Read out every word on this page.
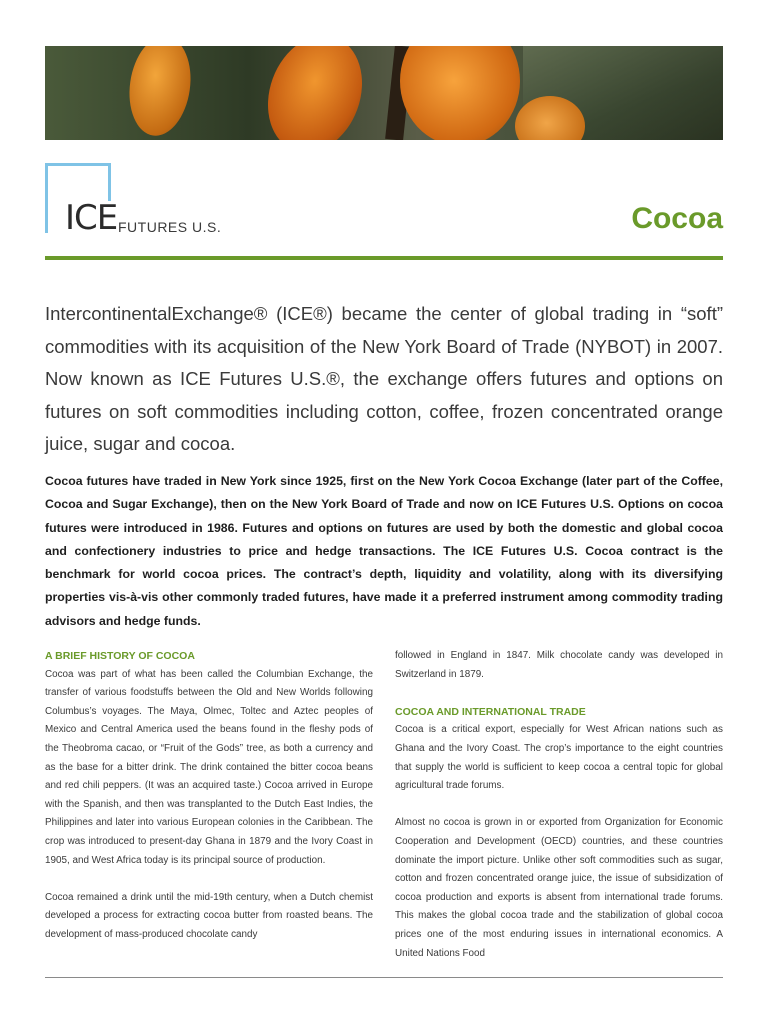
ICE FUTURES U.S.	Cocoa

IntercontinentalExchange® (ICE®) became the center of global trading in “soft” commodities with its acquisition of the New York Board of Trade (NYBOT) in 2007. Now known as ICE Futures U.S.®, the exchange offers futures and options on futures on soft commodities including cotton, coffee, frozen concentrated orange juice, sugar and cocoa.

Cocoa futures have traded in New York since 1925, first on the New York Cocoa Exchange (later part of the Coffee, Cocoa and Sugar Exchange), then on the New York Board of Trade and now on ICE Futures U.S. Options on cocoa futures were introduced in 1986. Futures and options on futures are used by both the domestic and global cocoa and confectionery industries to price and hedge transactions. The ICE Futures U.S. Cocoa contract is the benchmark for world cocoa prices. The contract’s depth, liquidity and volatility, along with its diversifying properties vis-à-vis other commonly traded futures, have made it a preferred instrument among commodity trading advisors and hedge funds.

A BRIEF HISTORY OF COCOA

Cocoa was part of what has been called the Columbian Exchange, the transfer of various foodstuffs between the Old and New Worlds following Columbus’s voyages. The Maya, Olmec, Toltec and Aztec peoples of Mexico and Central America used the beans found in the fleshy pods of the Theobroma cacao, or “Fruit of the Gods” tree, as both a currency and as the base for a bitter drink. The drink contained the bitter cocoa beans and red chili peppers. (It was an acquired taste.) Cocoa arrived in Europe with the Spanish, and then was transplanted to the Dutch East Indies, the Philippines and later into various European colonies in the Caribbean. The crop was introduced to present-day Ghana in 1879 and the Ivory Coast in 1905, and West Africa today is its principal source of production.

Cocoa remained a drink until the mid-19th century, when a Dutch chemist developed a process for extracting cocoa butter from roasted beans. The development of mass-produced chocolate candy

followed in England in 1847. Milk chocolate candy was developed in Switzerland in 1879.

COCOA AND INTERNATIONAL TRADE

Cocoa is a critical export, especially for West African nations such as Ghana and the Ivory Coast. The crop’s importance to the eight countries that supply the world is sufficient to keep cocoa a central topic for global agricultural trade forums.

Almost no cocoa is grown in or exported from Organization for Economic Cooperation and Development (OECD) countries, and these countries dominate the import picture. Unlike other soft commodities such as sugar, cotton and frozen concentrated orange juice, the issue of subsidization of cocoa production and exports is absent from international trade forums. This makes the global cocoa trade and the stabilization of global cocoa prices one of the most enduring issues in international economics. A United Nations Food
